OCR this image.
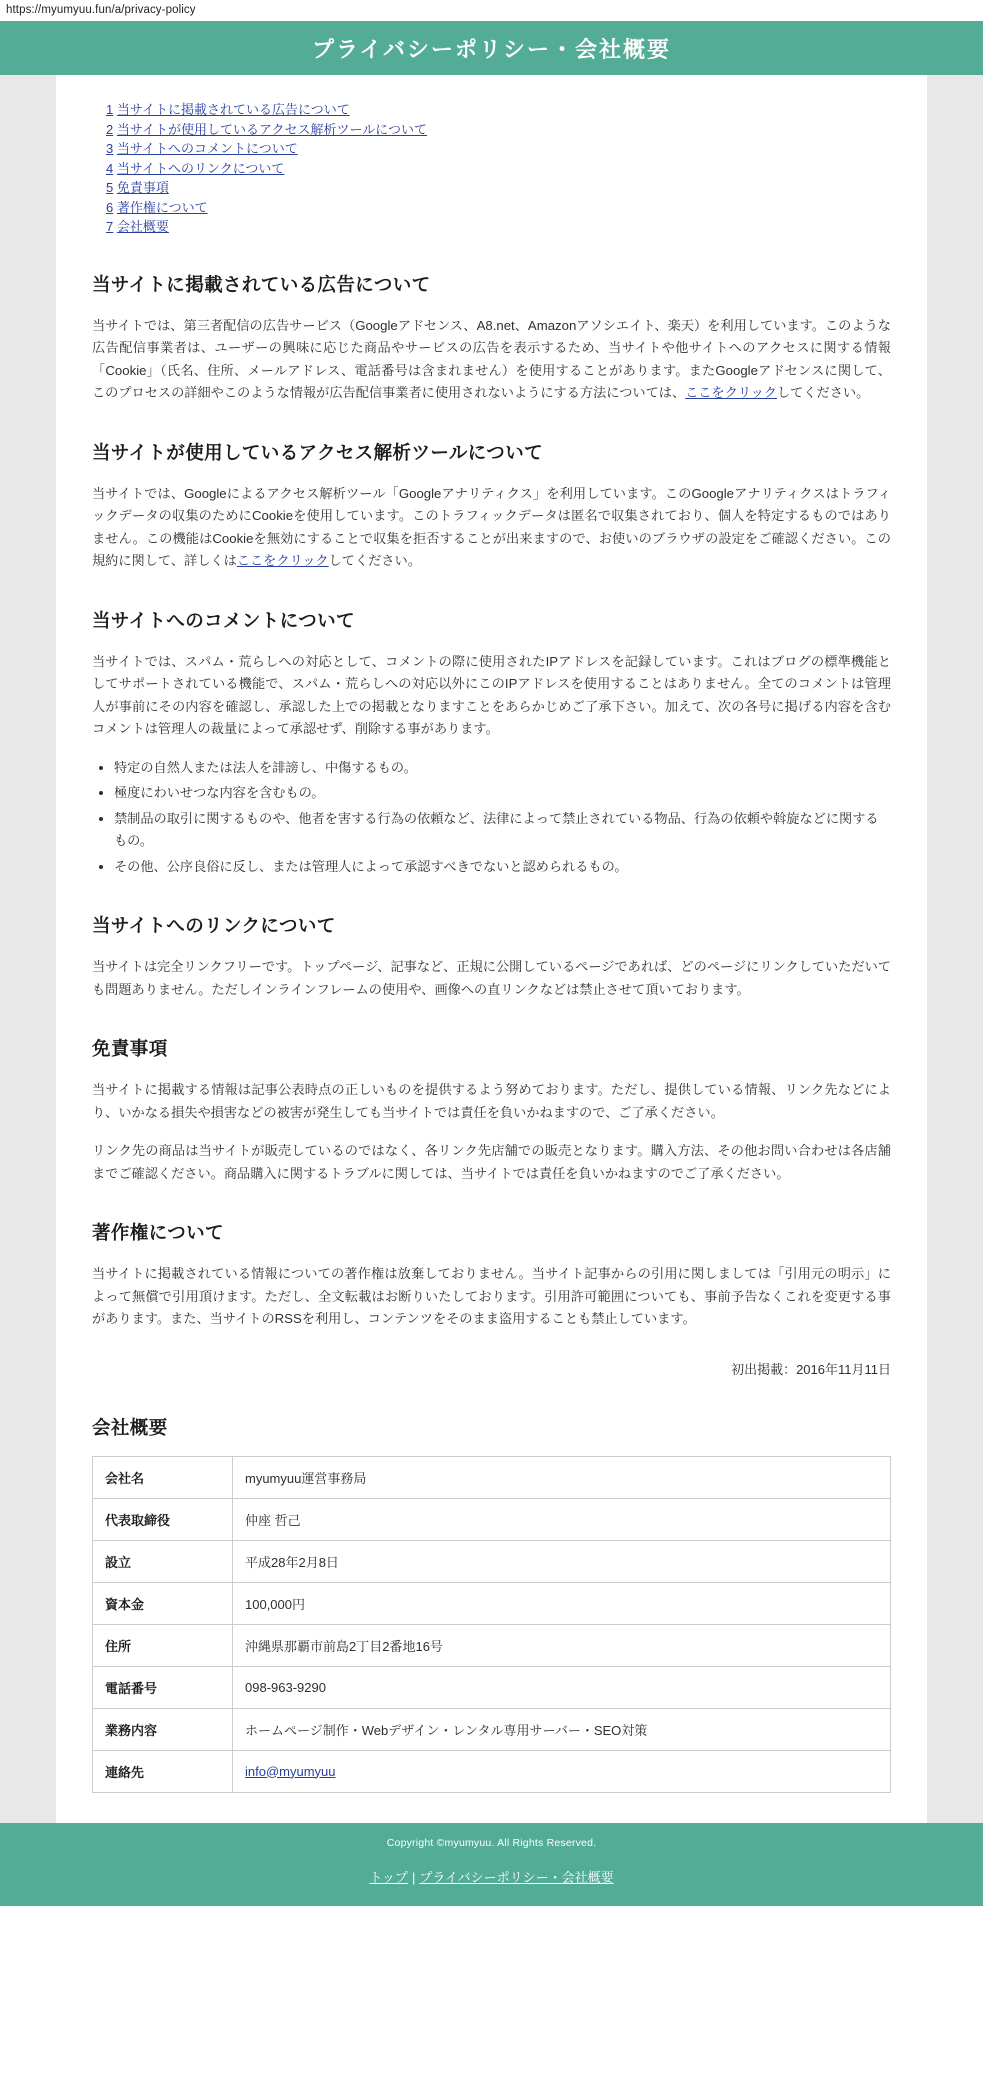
https://myumyuu.fun/a/privacy-policy
プライバシーポリシー・会社概要
1 当サイトに掲載されている広告について
2 当サイトが使用しているアクセス解析ツールについて
3 当サイトへのコメントについて
4 当サイトへのリンクについて
5 免責事項
6 著作権について
7 会社概要
当サイトに掲載されている広告について

当サイトでは、第三者配信の広告サービス（Googleアドセンス、A8.net、Amazonアソシエイト、楽天）を利用しています。このような広告配信事業者は、ユーザーの興味に応じた商品やサービスの広告を表示するため、当サイトや他サイトへのアクセスに関する情報「Cookie」（氏名、住所、メールアドレス、電話番号は含まれません）を使用することがあります。またGoogleアドセンスに関して、このプロセスの詳細やこのような情報が広告配信事業者に使用されないようにする方法については、ここをクリックしてください。

当サイトが使用しているアクセス解析ツールについて

当サイトでは、Googleによるアクセス解析ツール「Googleアナリティクス」を利用しています。このGoogleアナリティクスはトラフィックデータの収集のためにCookieを使用しています。このトラフィックデータは匿名で収集されており、個人を特定するものではありません。この機能はCookieを無効にすることで収集を拒否することが出来ますので、お使いのブラウザの設定をご確認ください。この規約に関して、詳しくはここをクリックしてください。

当サイトへのコメントについて

当サイトでは、スパム・荒らしへの対応として、コメントの際に使用されたIPアドレスを記録しています。これはブログの標準機能としてサポートされている機能で、スパム・荒らしへの対応以外にこのIPアドレスを使用することはありません。全てのコメントは管理人が事前にその内容を確認し、承認した上での掲載となりますことをあらかじめご了承下さい。加えて、次の各号に掲げる内容を含むコメントは管理人の裁量によって承認せず、削除する事があります。

• 特定の自然人または法人を誹謗し、中傷するもの。
• 極度にわいせつな内容を含むもの。
• 禁制品の取引に関するものや、他者を害する行為の依頼など、法律によって禁止されている物品、行為の依頼や斡旋などに関するもの。
• その他、公序良俗に反し、または管理人によって承認すべきでないと認められるもの。
当サイトへのリンクについて

当サイトは完全リンクフリーです。トップページ、記事など、正規に公開しているページであれば、どのページにリンクしていただいても問題ありません。ただしインラインフレームの使用や、画像への直リンクなどは禁止させて頂いております。

免責事項

当サイトに掲載する情報は記事公表時点の正しいものを提供するよう努めております。ただし、提供している情報、リンク先などにより、いかなる損失や損害などの被害が発生しても当サイトでは責任を負いかねますので、ご了承ください。

リンク先の商品は当サイトが販売しているのではなく、各リンク先店舗での販売となります。購入方法、その他お問い合わせは各店舗までご確認ください。商品購入に関するトラブルに関しては、当サイトでは責任を負いかねますのでご了承ください。

著作権について

当サイトに掲載されている情報についての著作権は放棄しておりません。当サイト記事からの引用に関しましては「引用元の明示」によって無償で引用頂けます。ただし、全文転載はお断りいたしております。引用許可範囲についても、事前予告なくこれを変更する事があります。また、当サイトのRSSを利用し、コンテンツをそのまま盗用することも禁止しています。

初出掲載：2016年11月11日
会社概要
会社名	myumyuu運営事務局
代表取締役	仲座 哲己
設立	平成28年2月8日
資本金	100,000円
住所	沖縄県那覇市前島2丁目2番地16号
電話番号	098-963-9290
業務内容	ホームページ制作・Webデザイン・レンタル専用サーバー・SEO対策
連絡先	info@myumyuu
Copyright ©myumyuu. All Rights Reserved.
トップ | プライバシーポリシー・会社概要
